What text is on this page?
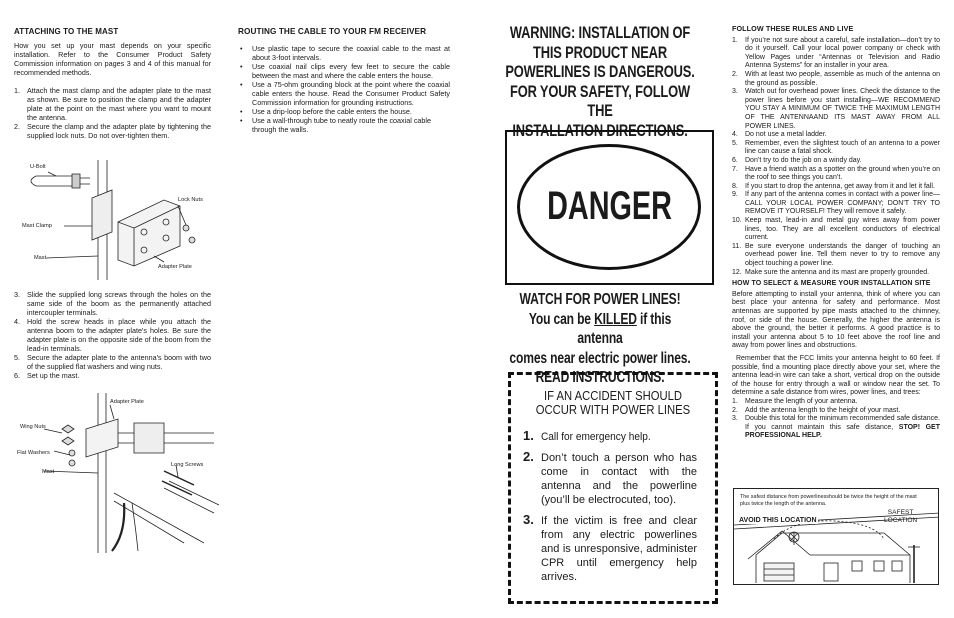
ATTACHING TO THE MAST

How you set up your mast depends on your specific installation. Refer to the Consumer Product Safety Commission information on pages 3 and 4 of this manual for recommended methods.

1. Attach the mast clamp and the adapter plate to the mast as shown. Be sure to position the clamp and the adapter plate at the point on the mast where you want to mount the antenna.
2. Secure the clamp and the adapter plate by tightening the supplied lock nuts. Do not over-tighten them.
U-Bolt
Lock Nuts
Mast Clamp
Mast
Adapter Plate
3. Slide the supplied long screws through the holes on the same side of the boom as the permanently attached intercoupler terminals.
4. Hold the screw heads in place while you attach the antenna boom to the adapter plate's holes. Be sure the adapter plate is on the opposite side of the boom from the lead-in terminals.
5. Secure the adapter plate to the antenna's boom with two of the supplied flat washers and wing nuts.
6. Set up the mast.
Adapter Plate
Wing Nuts
Flat Washers
Mast
Long Screws
ROUTING THE CABLE TO YOUR FM RECEIVER
• Use plastic tape to secure the coaxial cable to the mast at about 3-foot intervals.
• Use coaxial nail clips every few feet to secure the cable between the mast and where the cable enters the house.
• Use a 75-ohm grounding block at the point where the coaxial cable enters the house. Read the Consumer Product Safety Commission information for grounding instructions.
• Use a drip-loop before the cable enters the house.
• Use a wall-through tube to neatly route the coaxial cable through the walls.
WARNING: INSTALLATION OF
THIS PRODUCT NEAR
POWERLINES IS DANGEROUS.
FOR YOUR SAFETY, FOLLOW THE
INSTALLATION DIRECTIONS.
DANGER
WATCH FOR POWER LINES!
You can be KILLED if this antenna
comes near electric power lines.
READ INSTRUCTIONS.
IF AN ACCIDENT SHOULD
OCCUR WITH POWER LINES
1. Call for emergency help.
2. Don’t touch a person who has come in contact with the antenna and the powerline (you’ll be electrocuted, too).
3. If the victim is free and clear from any electric powerlines and is unresponsive, administer CPR until emergency help arrives.
FOLLOW THESE RULES AND LIVE
1. If you’re not sure about a careful, safe installation—don’t try to do it yourself. Call your local power company or check with Yellow Pages under “Antennas or Television and Radio Antenna Systems” for an installer in your area.
2. With at least two people, assemble as much of the antenna on the ground as possible.
3. Watch out for overhead power lines. Check the distance to the power lines before you start installing—WE RECOMMEND YOU STAY A MINIMUM OF TWICE THE MAXIMUM LENGTH OF THE ANTENNAAND ITS MAST AWAY FROM ALL POWER LINES.
4. Do not use a metal ladder.
5. Remember, even the slightest touch of an antenna to a power line can cause a fatal shock.
6. Don’t try to do the job on a windy day.
7. Have a friend watch as a spotter on the ground when you’re on the roof to see things you can’t.
8. If you start to drop the antenna, get away from it and let it fall.
9. If any part of the antenna comes in contact with a power line—CALL YOUR LOCAL POWER COMPANY; DON’T TRY TO REMOVE IT YOURSELF! They will remove it safely.
10. Keep mast, lead-in and metal guy wires away from power lines, too. They are all excellent conductors of electrical current.
11. Be sure everyone understands the danger of touching an overhead power line. Tell them never to try to remove any object touching a power line.
12. Make sure the antenna and its mast are properly grounded.
HOW TO SELECT & MEASURE YOUR INSTALLATION SITE

Before attempting to install your antenna, think of where you can best place your antenna for safety and performance. Most antennas are supported by pipe masts attached to the chimney, roof, or side of the house. Generally, the higher the antenna is above the ground, the better it performs. A good practice is to install your antenna about 5 to 10 feet above the roof line and away from power lines and obstructions.

Remember that the FCC limits your antenna height to 60 feet. If possible, find a mounting place directly above your set, where the antenna lead-in wire can take a short, vertical drop on the outside of the house for entry through a wall or window near the set. To determine a safe distance from wires, power lines, and trees:

1. Measure the length of your antenna.
2. Add the antenna length to the height of your mast.
3. Double this total for the minimum recommended safe distance. If you cannot maintain this safe distance, STOP! GET PROFESSIONAL HELP.
The safest distance from powerlinesshould be twice the height of the mast plus twice the length of the antenna.
AVOID THIS LOCATION
SAFEST
LOCATION
